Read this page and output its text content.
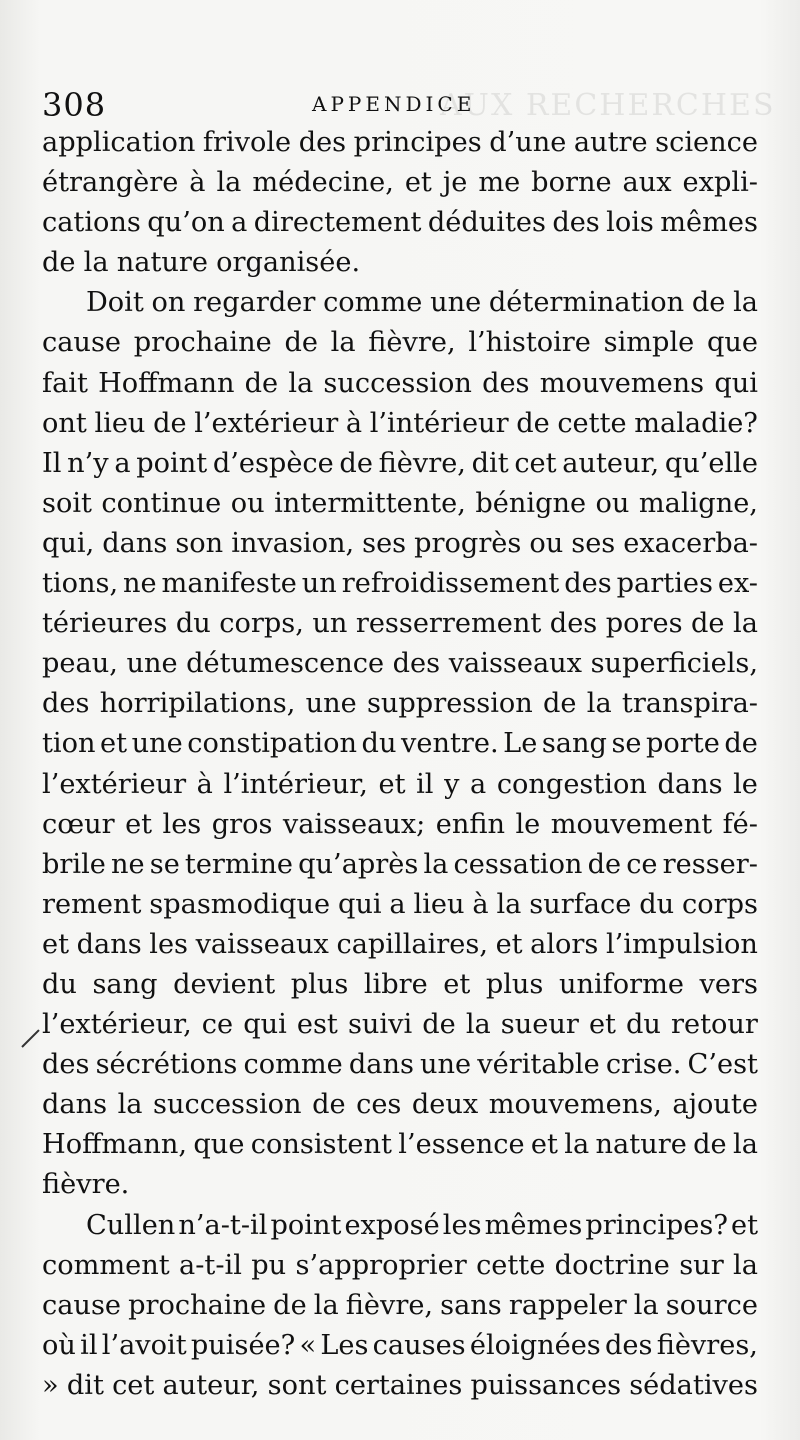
AUX RECHERCHES
308	APPENDICE
application frivole des principes d’une autre science
étrangère à la médecine, et je me borne aux expli-
cations qu’on a directement déduites des lois mêmes
de la nature organisée.
Doit on regarder comme une détermination de la
cause prochaine de la fièvre, l’histoire simple que
fait Hoffmann de la succession des mouvemens qui
ont lieu de l’extérieur à l’intérieur de cette maladie?
Il n’y a point d’espèce de fièvre, dit cet auteur, qu’elle
soit continue ou intermittente, bénigne ou maligne,
qui, dans son invasion, ses progrès ou ses exacerba-
tions, ne manifeste un refroidissement des parties ex-
térieures du corps, un resserrement des pores de la
peau, une détumescence des vaisseaux superficiels,
des horripilations, une suppression de la transpira-
tion et une constipation du ventre. Le sang se porte de
l’extérieur à l’intérieur, et il y a congestion dans le
cœur et les gros vaisseaux; enfin le mouvement fé-
brile ne se termine qu’après la cessation de ce resser-
rement spasmodique qui a lieu à la surface du corps
et dans les vaisseaux capillaires, et alors l’impulsion
du sang devient plus libre et plus uniforme vers
l’extérieur, ce qui est suivi de la sueur et du retour
des sécrétions comme dans une véritable crise. C’est
dans la succession de ces deux mouvemens, ajoute
Hoffmann, que consistent l’essence et la nature de la
fièvre.
Cullen n’a-t-il point exposé les mêmes principes? et
comment a-t-il pu s’approprier cette doctrine sur la
cause prochaine de la fièvre, sans rappeler la source
où il l’avoit puisée? « Les causes éloignées des fièvres,
» dit cet auteur, sont certaines puissances sédatives
